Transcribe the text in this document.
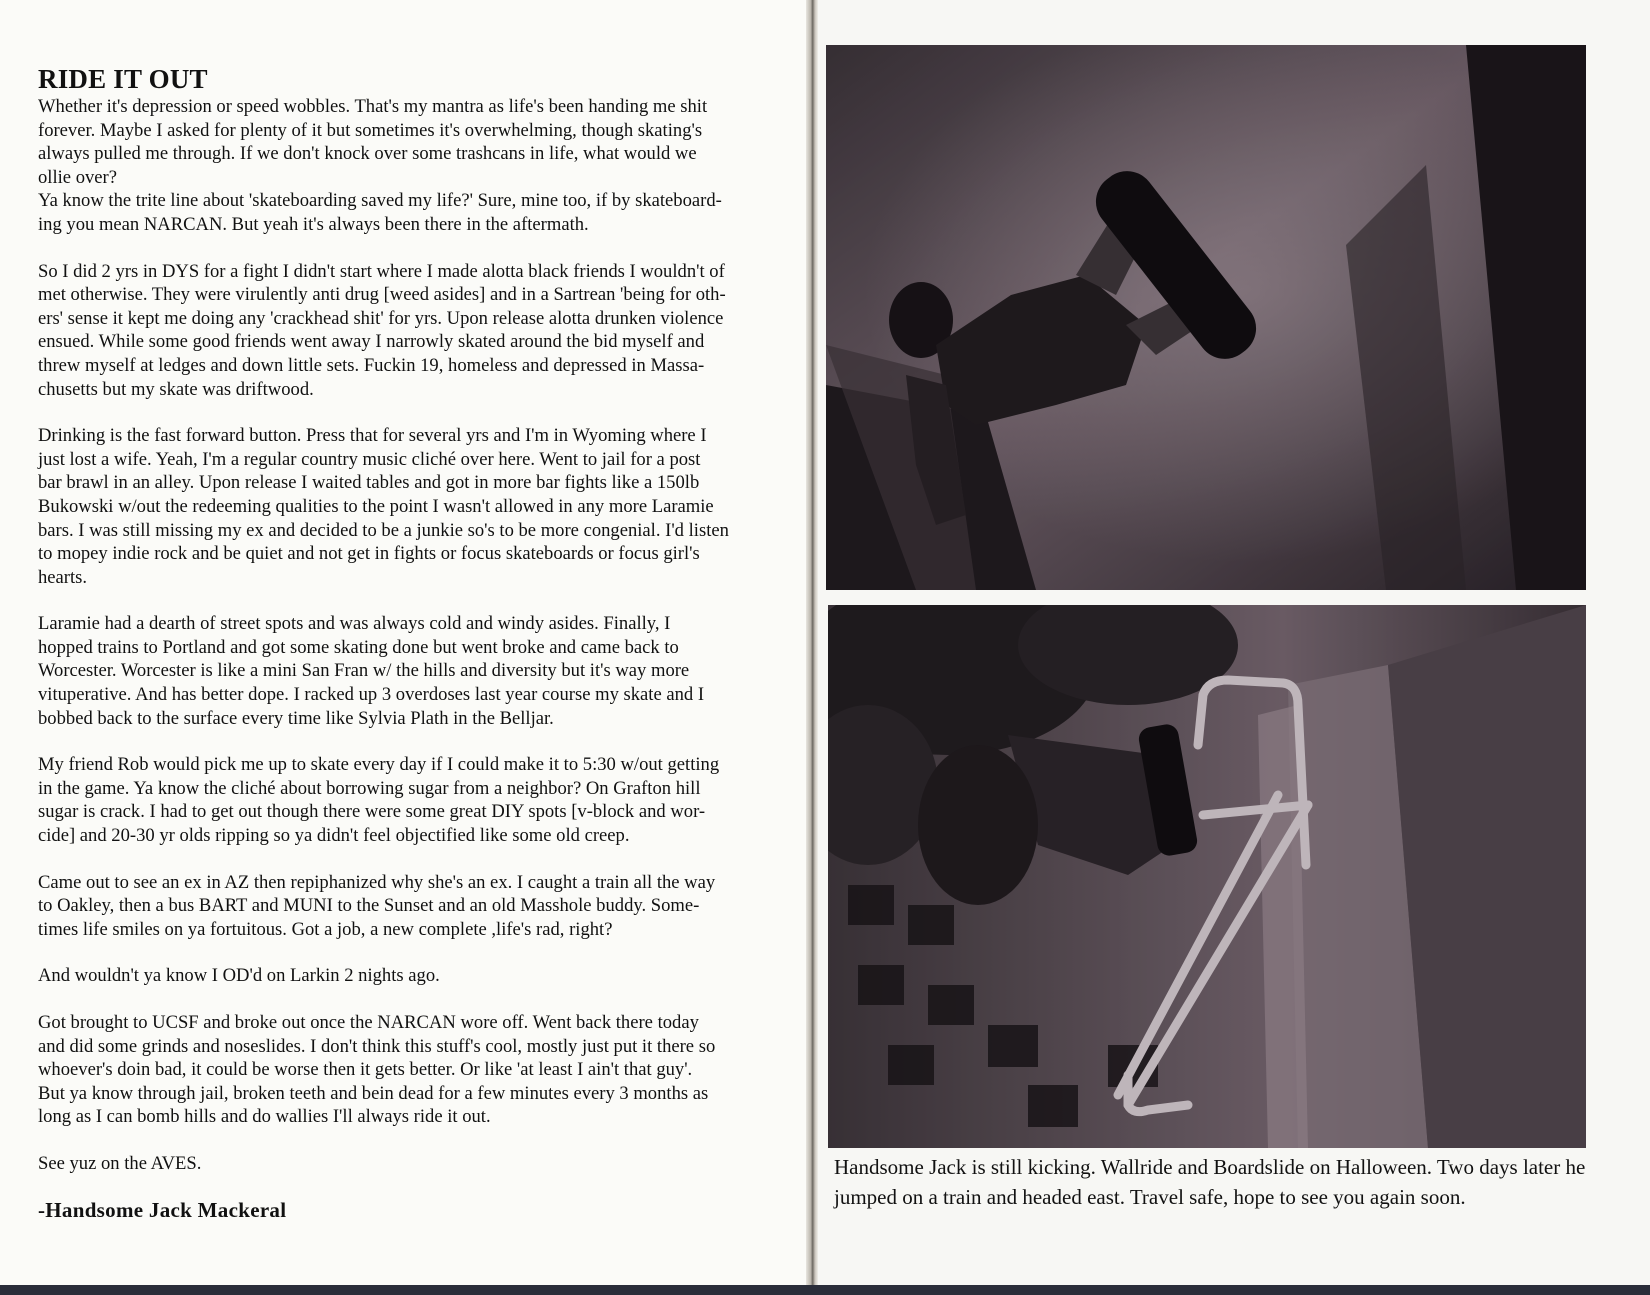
RIDE IT OUT

Whether it's depression or speed wobbles. That's my mantra as life's been handing me shit
forever. Maybe I asked for plenty of it but sometimes it's overwhelming, though skating's
always pulled me through. If we don't knock over some trashcans in life, what would we
ollie over?

Ya know the trite line about 'skateboarding saved my life?' Sure, mine too, if by skateboard-
ing you mean NARCAN. But yeah it's always been there in the aftermath.

So I did 2 yrs in DYS for a fight I didn't start where I made alotta black friends I wouldn't of
met otherwise. They were virulently anti drug [weed asides] and in a Sartrean 'being for oth-
ers' sense it kept me doing any 'crackhead shit' for yrs. Upon release alotta drunken violence
ensued. While some good friends went away I narrowly skated around the bid myself and
threw myself at ledges and down little sets. Fuckin 19, homeless and depressed in Massa-
chusetts but my skate was driftwood.

Drinking is the fast forward button. Press that for several yrs and I'm in Wyoming where I
just lost a wife. Yeah, I'm a regular country music cliché over here. Went to jail for a post
bar brawl in an alley. Upon release I waited tables and got in more bar fights like a 150lb
Bukowski w/out the redeeming qualities to the point I wasn't allowed in any more Laramie
bars. I was still missing my ex and decided to be a junkie so's to be more congenial. I'd listen
to mopey indie rock and be quiet and not get in fights or focus skateboards or focus girl's
hearts.

Laramie had a dearth of street spots and was always cold and windy asides. Finally, I
hopped trains to Portland and got some skating done but went broke and came back to
Worcester. Worcester is like a mini San Fran w/ the hills and diversity but it's way more
vituperative. And has better dope. I racked up 3 overdoses last year course my skate and I
bobbed back to the surface every time like Sylvia Plath in the Belljar.

My friend Rob would pick me up to skate every day if I could make it to 5:30 w/out getting
in the game. Ya know the cliché about borrowing sugar from a neighbor? On Grafton hill
sugar is crack. I had to get out though there were some great DIY spots [v-block and wor-
cide] and 20-30 yr olds ripping so ya didn't feel objectified like some old creep.

Came out to see an ex in AZ then repiphanized why she's an ex. I caught a train all the way
to Oakley, then a bus BART and MUNI to the Sunset and an old Masshole buddy. Some-
times life smiles on ya fortuitous. Got a job, a new complete ,life's rad, right?

And wouldn't ya know I OD'd on Larkin 2 nights ago.

Got brought to UCSF and broke out once the NARCAN wore off. Went back there today
and did some grinds and noseslides. I don't think this stuff's cool, mostly just put it there so
whoever's doin bad, it could be worse then it gets better. Or like 'at least I ain't that guy'.
But ya know through jail, broken teeth and bein dead for a few minutes every 3 months as
long as I can bomb hills and do wallies I'll always ride it out.

See yuz on the AVES.

-Handsome Jack Mackeral

Handsome Jack is still kicking. Wallride and Boardslide on Halloween. Two days later he jumped on a train and headed east. Travel safe, hope to see you again soon.
